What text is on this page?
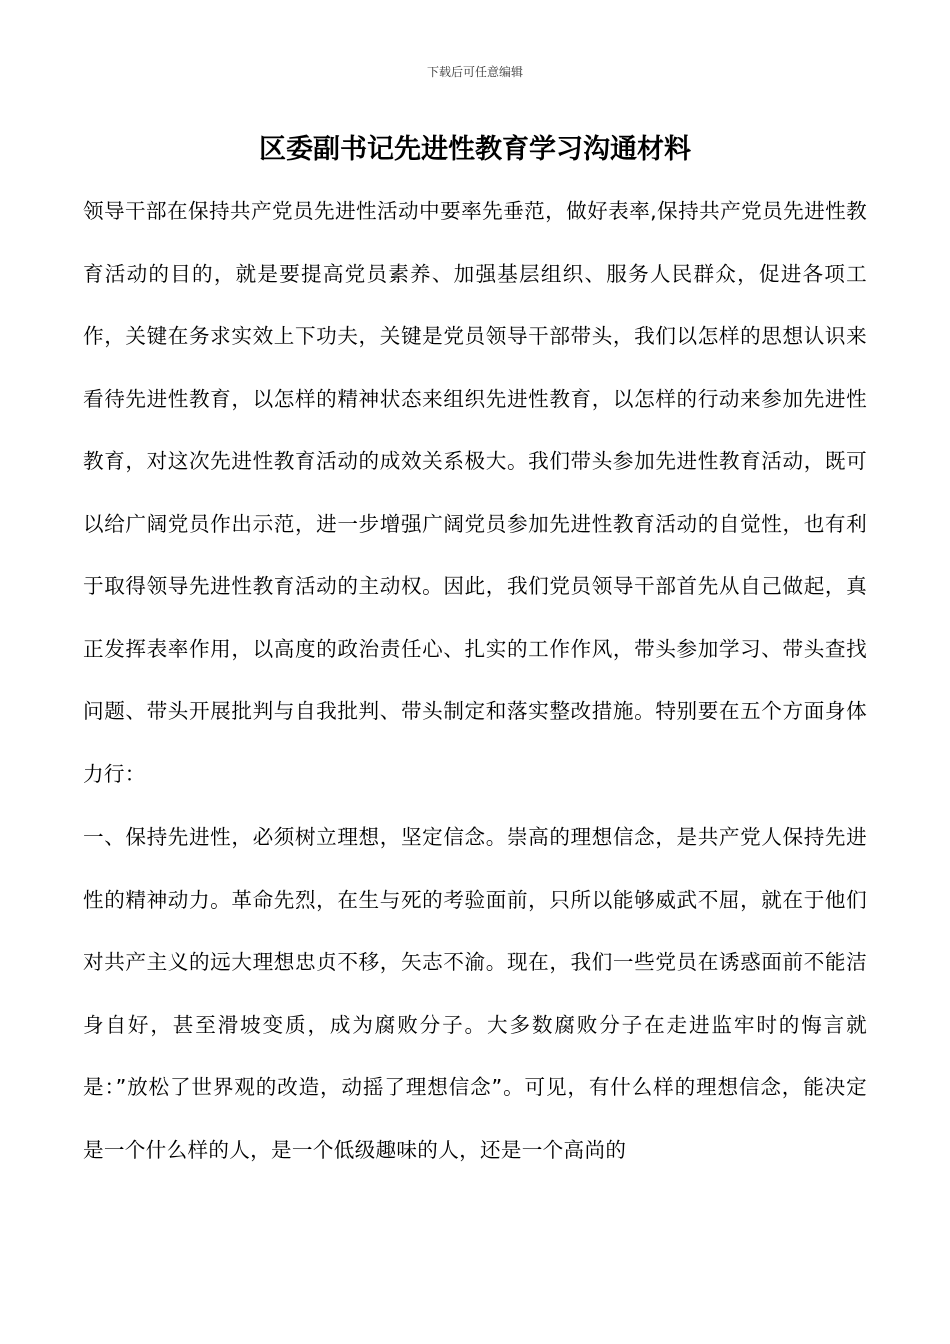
下载后可任意编辑
区委副书记先进性教育学习沟通材料

领导干部在保持共产党员先进性活动中要率先垂范，做好表率,保持共产党员先进性教育活动的目的，就是要提高党员素养、加强基层组织、服务人民群众，促进各项工作，关键在务求实效上下功夫，关键是党员领导干部带头，我们以怎样的思想认识来看待先进性教育，以怎样的精神状态来组织先进性教育，以怎样的行动来参加先进性教育，对这次先进性教育活动的成效关系极大。我们带头参加先进性教育活动，既可以给广阔党员作出示范，进一步增强广阔党员参加先进性教育活动的自觉性，也有利于取得领导先进性教育活动的主动权。因此，我们党员领导干部首先从自己做起，真正发挥表率作用，以高度的政治责任心、扎实的工作作风，带头参加学习、带头查找问题、带头开展批判与自我批判、带头制定和落实整改措施。特别要在五个方面身体力行：

一、保持先进性，必须树立理想，坚定信念。崇高的理想信念，是共产党人保持先进性的精神动力。革命先烈，在生与死的考验面前，只所以能够威武不屈，就在于他们对共产主义的远大理想忠贞不移，矢志不渝。现在，我们一些党员在诱惑面前不能洁身自好，甚至滑坡变质，成为腐败分子。大多数腐败分子在走进监牢时的悔言就是：”放松了世界观的改造，动摇了理想信念”。可见，有什么样的理想信念，能决定是一个什么样的人，是一个低级趣味的人，还是一个高尚的
